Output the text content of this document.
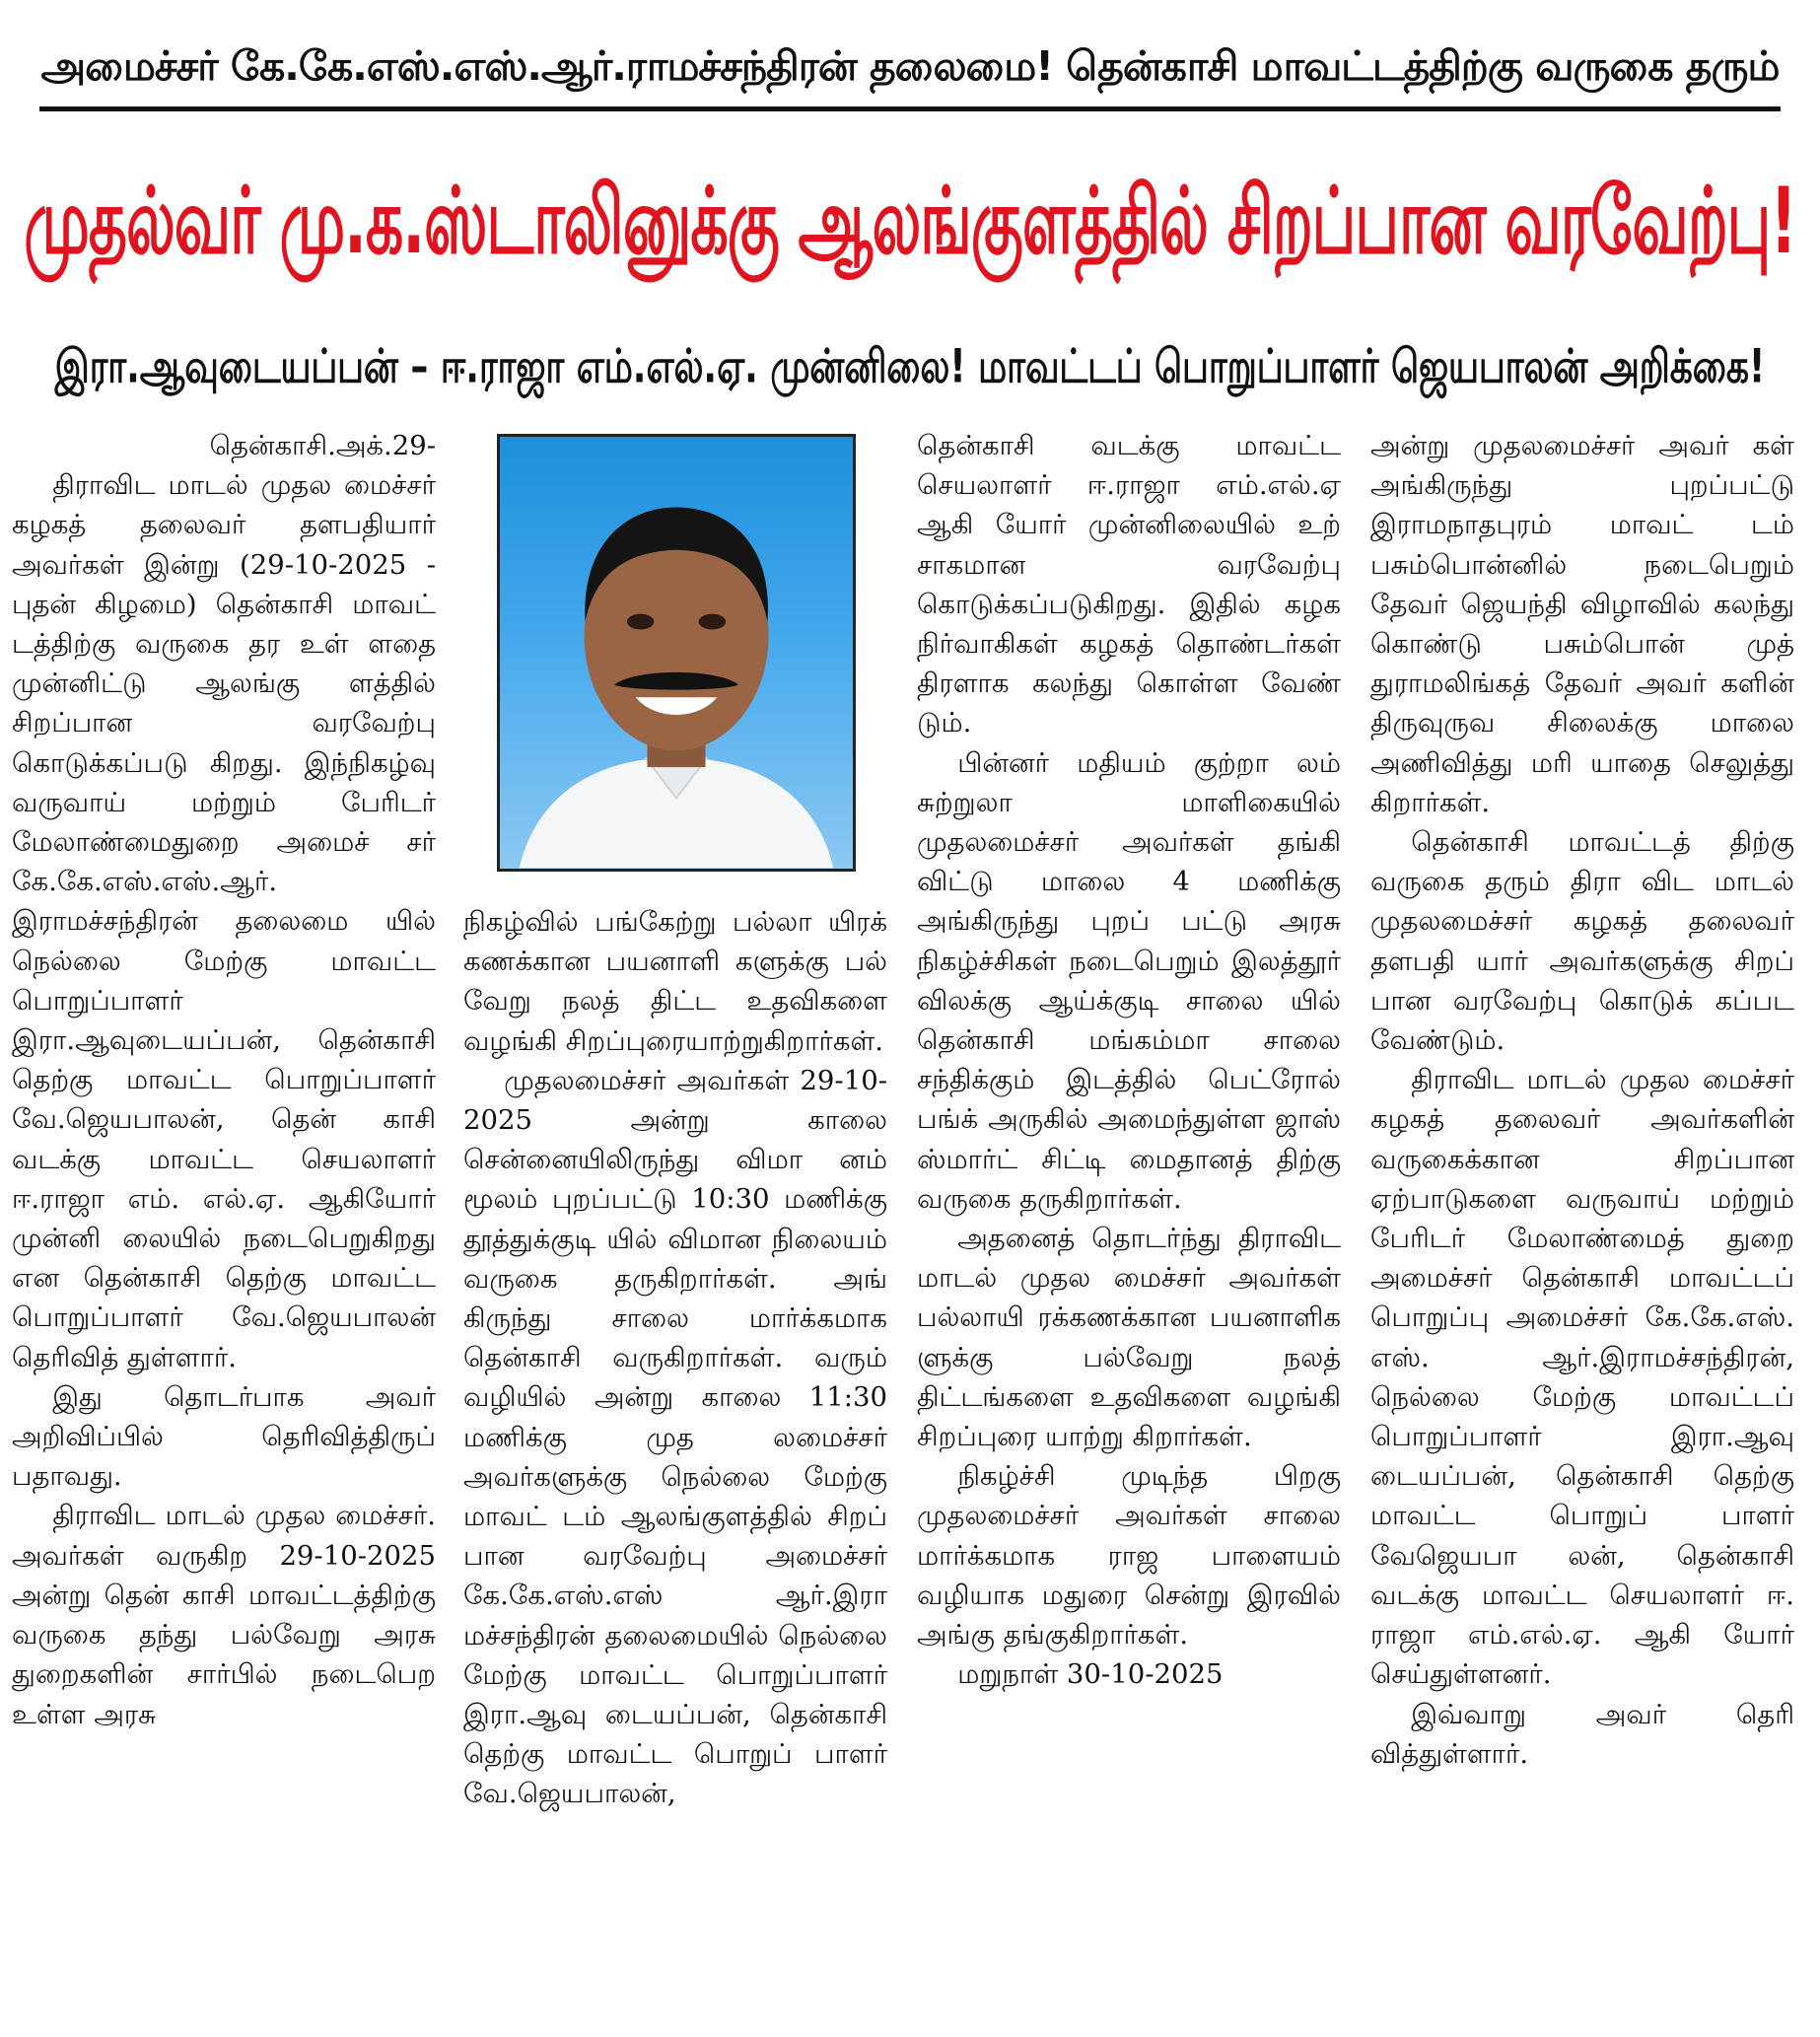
அமைச்சர் கே.கே.எஸ்.எஸ்.ஆர்.ராமச்சந்திரன் தலைமை! தென்காசி மாவட்டத்திற்கு வருகை தரும்
முதல்வர் மு.க.ஸ்டாலினுக்கு ஆலங்குளத்தில் சிறப்பான வரவேற்பு!
இரா.ஆவுடையப்பன் – ஈ.ராஜா எம்.எல்.ஏ. முன்னிலை! மாவட்டப் பொறுப்பாளர் ஜெயபாலன் அறிக்கை!

தென்காசி.அக்.29-

திராவிட மாடல் முதல மைச்சர் கழகத் தலைவர் தளபதியார் அவர்கள் இன்று (29-10-2025 - புதன் கிழமை) தென்காசி மாவட் டத்திற்கு வருகை தர உள் ளதை முன்னிட்டு ஆலங்கு ளத்தில் சிறப்பான வரவேற்பு கொடுக்கப்படு கிறது. இந்நிகழ்வு வருவாய் மற்றும் பேரிடர் மேலாண்மைதுறை அமைச் சர் கே.கே.எஸ்.எஸ்.ஆர். இராமச்சந்திரன் தலைமை யில் நெல்லை மேற்கு மாவட்ட பொறுப்பாளர் இரா.ஆவுடையப்பன், தென்காசி தெற்கு மாவட்ட பொறுப்பாளர் வே.ஜெயபாலன், தென் காசி வடக்கு மாவட்ட செயலாளர் ஈ.ராஜா எம். எல்.ஏ. ஆகியோர் முன்னி லையில் நடைபெறுகிறது என தென்காசி தெற்கு மாவட்ட பொறுப்பாளர் வே.ஜெயபாலன் தெரிவித் துள்ளார்.

இது தொடர்பாக அவர் அறிவிப்பில் தெரிவித்திருப் பதாவது.

திராவிட மாடல் முதல மைச்சர். அவர்கள் வருகிற 29-10-2025 அன்று தென் காசி மாவட்டத்திற்கு வருகை தந்து பல்வேறு அரசு துறைகளின் சார்பில் நடைபெற உள்ள அரசு

நிகழ்வில் பங்கேற்று பல்லா யிரக் கணக்கான பயனாளி களுக்கு பல் வேறு நலத் திட்ட உதவிகளை வழங்கி சிறப்புரையாற்றுகிறார்கள்.

முதலமைச்சர் அவர்கள் 29-10-2025 அன்று காலை சென்னையிலிருந்து விமா னம் மூலம் புறப்பட்டு 10:30 மணிக்கு தூத்துக்குடி யில் விமான நிலையம் வருகை தருகிறார்கள். அங் கிருந்து சாலை மார்க்கமாக தென்காசி வருகிறார்கள். வரும் வழியில் அன்று காலை 11:30 மணிக்கு முத லமைச்சர் அவர்களுக்கு நெல்லை மேற்கு மாவட் டம் ஆலங்குளத்தில் சிறப் பான வரவேற்பு அமைச்சர் கே.கே.எஸ்.எஸ் ஆர்.இரா மச்சந்திரன் தலைமையில் நெல்லை மேற்கு மாவட்ட பொறுப்பாளர் இரா.ஆவு டையப்பன், தென்காசி தெற்கு மாவட்ட பொறுப் பாளர் வே.ஜெயபாலன்,

தென்காசி வடக்கு மாவட்ட செயலாளர் ஈ.ராஜா எம்.எல்.ஏ ஆகி யோர் முன்னிலையில் உற் சாகமான வரவேற்பு கொடுக்கப்படுகிறது. இதில் கழக நிர்வாகிகள் கழகத் தொண்டர்கள் திரளாக கலந்து கொள்ள வேண் டும்.

பின்னர் மதியம் குற்றா லம் சுற்றுலா மாளிகையில் முதலமைச்சர் அவர்கள் தங்கி விட்டு மாலை 4 மணிக்கு அங்கிருந்து புறப் பட்டு அரசு நிகழ்ச்சிகள் நடைபெறும் இலத்தூர் விலக்கு ஆய்க்குடி சாலை யில் தென்காசி மங்கம்மா சாலை சந்திக்கும் இடத்தில் பெட்ரோல் பங்க் அருகில் அமைந்துள்ள ஜாஸ் ஸ்மார்ட் சிட்டி மைதானத் திற்கு வருகை தருகிறார்கள்.

அதனைத் தொடர்ந்து திராவிட மாடல் முதல மைச்சர் அவர்கள் பல்லாயி ரக்கணக்கான பயனாளிக ளுக்கு பல்வேறு நலத் திட்டங்களை உதவிகளை வழங்கி சிறப்புரை யாற்று கிறார்கள்.

நிகழ்ச்சி முடிந்த பிறகு முதலமைச்சர் அவர்கள் சாலை மார்க்கமாக ராஜ பாளையம் வழியாக மதுரை சென்று இரவில் அங்கு தங்குகிறார்கள்.

மறுநாள் 30-10-2025

அன்று முதலமைச்சர் அவர் கள் அங்கிருந்து புறப்பட்டு இராமநாதபுரம் மாவட் டம் பசும்பொன்னில் நடைபெறும் தேவர் ஜெயந்தி விழாவில் கலந்து கொண்டு பசும்பொன் முத் துராமலிங்கத் தேவர் அவர் களின் திருவுருவ சிலைக்கு மாலை அணிவித்து மரி யாதை செலுத்து கிறார்கள்.

தென்காசி மாவட்டத் திற்கு வருகை தரும் திரா விட மாடல் முதலமைச்சர் கழகத் தலைவர் தளபதி யார் அவர்களுக்கு சிறப் பான வரவேற்பு கொடுக் கப்பட வேண்டும்.

திராவிட மாடல் முதல மைச்சர் கழகத் தலைவர் அவர்களின் வருகைக்கான சிறப்பான ஏற்பாடுகளை வருவாய் மற்றும் பேரிடர் மேலாண்மைத் துறை அமைச்சர் தென்காசி மாவட்டப் பொறுப்பு அமைச்சர் கே.கே.எஸ். எஸ். ஆர்.இராமச்சந்திரன், நெல்லை மேற்கு மாவட்டப் பொறுப்பாளர் இரா.ஆவு டையப்பன், தென்காசி தெற்கு மாவட்ட பொறுப் பாளர் வேஜெயபா லன், தென்காசி வடக்கு மாவட்ட செயலாளர் ஈ. ராஜா எம்.எல்.ஏ. ஆகி யோர் செய்துள்ளனர்.

இவ்வாறு அவர் தெரி வித்துள்ளார்.
